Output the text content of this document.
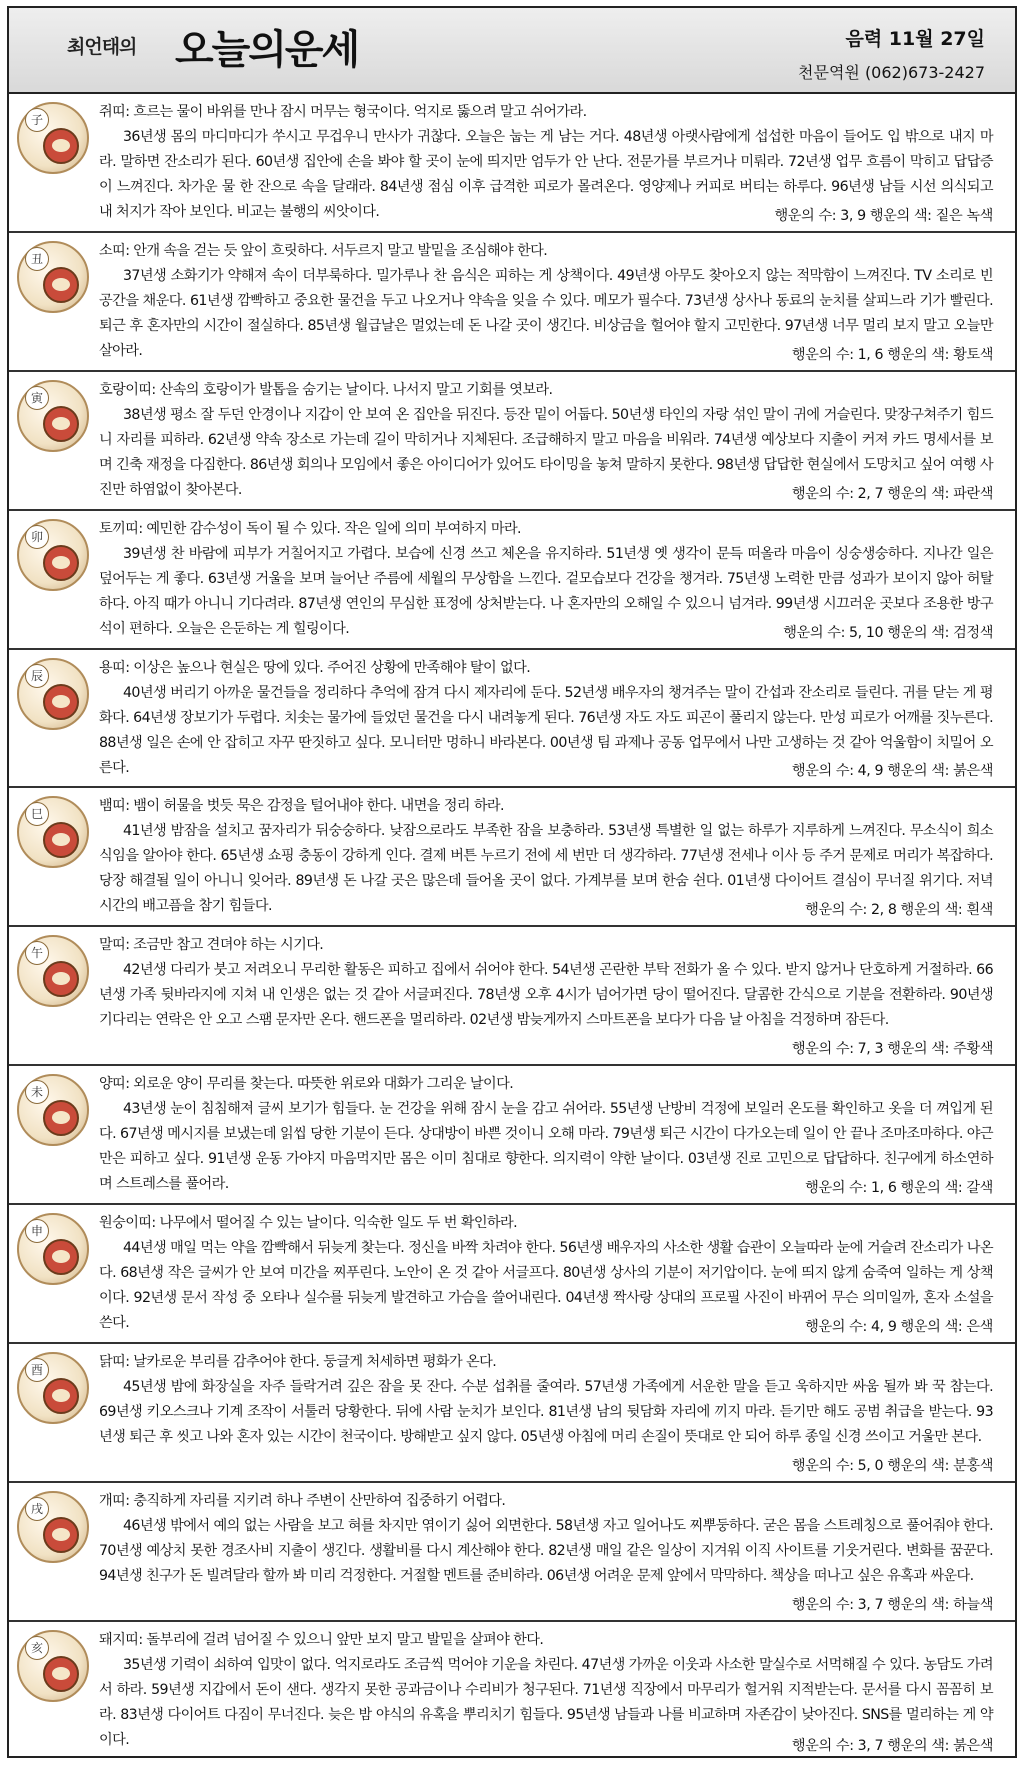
최언태의 오늘의운세	음력 11월 27일
천문역원 (062)673-2427
子	쥐띠: 흐르는 물이 바위를 만나 잠시 머무는 형국이다. 억지로 뚫으려 말고 쉬어가라.
36년생 몸의 마디마디가 쑤시고 무겁우니 만사가 귀찮다. 오늘은 눕는 게 남는 거다. 48년생 아랫사람에게 섭섭한 마음이 들어도 입 밖으로 내지 마라. 말하면 잔소리가 된다. 60년생 집안에 손을 봐야 할 곳이 눈에 띄지만 엄두가 안 난다. 전문가를 부르거나 미뤄라. 72년생 업무 흐름이 막히고 답답증이 느껴진다. 차가운 물 한 잔으로 속을 달래라. 84년생 점심 이후 급격한 피로가 몰려온다. 영양제나 커피로 버티는 하루다. 96년생 남들 시선 의식되고 내 처지가 작아 보인다. 비교는 불행의 씨앗이다.	행운의 수: 3, 9 행운의 색: 짙은 녹색
丑	소띠: 안개 속을 걷는 듯 앞이 흐릿하다. 서두르지 말고 발밑을 조심해야 한다.
37년생 소화기가 약해져 속이 더부룩하다. 밀가루나 찬 음식은 피하는 게 상책이다. 49년생 아무도 찾아오지 않는 적막함이 느껴진다. TV 소리로 빈 공간을 채운다. 61년생 깜빡하고 중요한 물건을 두고 나오거나 약속을 잊을 수 있다. 메모가 필수다. 73년생 상사나 동료의 눈치를 살피느라 기가 빨린다. 퇴근 후 혼자만의 시간이 절실하다. 85년생 월급날은 멀었는데 돈 나갈 곳이 생긴다. 비상금을 헐어야 할지 고민한다. 97년생 너무 멀리 보지 말고 오늘만 살아라.	행운의 수: 1, 6 행운의 색: 황토색
寅	호랑이띠: 산속의 호랑이가 발톱을 숨기는 날이다. 나서지 말고 기회를 엿보라.
38년생 평소 잘 두던 안경이나 지갑이 안 보여 온 집안을 뒤진다. 등잔 밑이 어둡다. 50년생 타인의 자랑 섞인 말이 귀에 거슬린다. 맞장구쳐주기 힘드니 자리를 피하라. 62년생 약속 장소로 가는데 길이 막히거나 지체된다. 조급해하지 말고 마음을 비워라. 74년생 예상보다 지출이 커져 카드 명세서를 보며 긴축 재정을 다짐한다. 86년생 회의나 모임에서 좋은 아이디어가 있어도 타이밍을 놓쳐 말하지 못한다. 98년생 답답한 현실에서 도망치고 싶어 여행 사진만 하염없이 찾아본다.	행운의 수: 2, 7 행운의 색: 파란색
卯	토끼띠: 예민한 감수성이 독이 될 수 있다. 작은 일에 의미 부여하지 마라.
39년생 찬 바람에 피부가 거칠어지고 가렵다. 보습에 신경 쓰고 체온을 유지하라. 51년생 옛 생각이 문득 떠올라 마음이 싱숭생숭하다. 지나간 일은 덮어두는 게 좋다. 63년생 거울을 보며 늘어난 주름에 세월의 무상함을 느낀다. 겉모습보다 건강을 챙겨라. 75년생 노력한 만큼 성과가 보이지 않아 허탈하다. 아직 때가 아니니 기다려라. 87년생 연인의 무심한 표정에 상처받는다. 나 혼자만의 오해일 수 있으니 넘겨라. 99년생 시끄러운 곳보다 조용한 방구석이 편하다. 오늘은 은둔하는 게 힐링이다.	행운의 수: 5, 10 행운의 색: 검정색
辰	용띠: 이상은 높으나 현실은 땅에 있다. 주어진 상황에 만족해야 탈이 없다.
40년생 버리기 아까운 물건들을 정리하다 추억에 잠겨 다시 제자리에 둔다. 52년생 배우자의 챙겨주는 말이 간섭과 잔소리로 들린다. 귀를 닫는 게 평화다. 64년생 장보기가 두렵다. 치솟는 물가에 들었던 물건을 다시 내려놓게 된다. 76년생 자도 자도 피곤이 풀리지 않는다. 만성 피로가 어깨를 짓누른다. 88년생 일은 손에 안 잡히고 자꾸 딴짓하고 싶다. 모니터만 멍하니 바라본다. 00년생 팀 과제나 공동 업무에서 나만 고생하는 것 같아 억울함이 치밀어 오른다.	행운의 수: 4, 9 행운의 색: 붉은색
巳	뱀띠: 뱀이 허물을 벗듯 묵은 감정을 털어내야 한다. 내면을 정리 하라.
41년생 밤잠을 설치고 꿈자리가 뒤숭숭하다. 낮잠으로라도 부족한 잠을 보충하라. 53년생 특별한 일 없는 하루가 지루하게 느껴진다. 무소식이 희소식임을 알아야 한다. 65년생 쇼핑 충동이 강하게 인다. 결제 버튼 누르기 전에 세 번만 더 생각하라. 77년생 전세나 이사 등 주거 문제로 머리가 복잡하다. 당장 해결될 일이 아니니 잊어라. 89년생 돈 나갈 곳은 많은데 들어올 곳이 없다. 가계부를 보며 한숨 쉰다. 01년생 다이어트 결심이 무너질 위기다. 저녁 시간의 배고픔을 참기 힘들다.	행운의 수: 2, 8 행운의 색: 흰색
午	말띠: 조금만 참고 견뎌야 하는 시기다.
42년생 다리가 붓고 저려오니 무리한 활동은 피하고 집에서 쉬어야 한다. 54년생 곤란한 부탁 전화가 올 수 있다. 받지 않거나 단호하게 거절하라. 66년생 가족 뒷바라지에 지쳐 내 인생은 없는 것 같아 서글퍼진다. 78년생 오후 4시가 넘어가면 당이 떨어진다. 달콤한 간식으로 기분을 전환하라. 90년생 기다리는 연락은 안 오고 스팸 문자만 온다. 핸드폰을 멀리하라. 02년생 밤늦게까지 스마트폰을 보다가 다음 날 아침을 걱정하며 잠든다.
행운의 수: 7, 3 행운의 색: 주황색
未	양띠: 외로운 양이 무리를 찾는다. 따뜻한 위로와 대화가 그리운 날이다.
43년생 눈이 침침해져 글씨 보기가 힘들다. 눈 건강을 위해 잠시 눈을 감고 쉬어라. 55년생 난방비 걱정에 보일러 온도를 확인하고 옷을 더 껴입게 된다. 67년생 메시지를 보냈는데 읽씹 당한 기분이 든다. 상대방이 바쁜 것이니 오해 마라. 79년생 퇴근 시간이 다가오는데 일이 안 끝나 조마조마하다. 야근만은 피하고 싶다. 91년생 운동 가야지 마음먹지만 몸은 이미 침대로 향한다. 의지력이 약한 날이다. 03년생 진로 고민으로 답답하다. 친구에게 하소연하며 스트레스를 풀어라.	행운의 수: 1, 6 행운의 색: 갈색
申	원숭이띠: 나무에서 떨어질 수 있는 날이다. 익숙한 일도 두 번 확인하라.
44년생 매일 먹는 약을 깜빡해서 뒤늦게 찾는다. 정신을 바짝 차려야 한다. 56년생 배우자의 사소한 생활 습관이 오늘따라 눈에 거슬려 잔소리가 나온다. 68년생 작은 글씨가 안 보여 미간을 찌푸린다. 노안이 온 것 같아 서글프다. 80년생 상사의 기분이 저기압이다. 눈에 띄지 않게 숨죽여 일하는 게 상책이다. 92년생 문서 작성 중 오타나 실수를 뒤늦게 발견하고 가슴을 쓸어내린다. 04년생 짝사랑 상대의 프로필 사진이 바뀌어 무슨 의미일까, 혼자 소설을 쓴다.	행운의 수: 4, 9 행운의 색: 은색
酉	닭띠: 날카로운 부리를 감추어야 한다. 둥글게 처세하면 평화가 온다.
45년생 밤에 화장실을 자주 들락거려 깊은 잠을 못 잔다. 수분 섭취를 줄여라. 57년생 가족에게 서운한 말을 듣고 욱하지만 싸움 될까 봐 꾹 참는다. 69년생 키오스크나 기계 조작이 서툴러 당황한다. 뒤에 사람 눈치가 보인다. 81년생 남의 뒷담화 자리에 끼지 마라. 듣기만 해도 공범 취급을 받는다. 93년생 퇴근 후 씻고 나와 혼자 있는 시간이 천국이다. 방해받고 싶지 않다. 05년생 아침에 머리 손질이 뜻대로 안 되어 하루 종일 신경 쓰이고 거울만 본다.
행운의 수: 5, 0 행운의 색: 분홍색
戌	개띠: 충직하게 자리를 지키려 하나 주변이 산만하여 집중하기 어렵다.
46년생 밖에서 예의 없는 사람을 보고 혀를 차지만 엮이기 싫어 외면한다. 58년생 자고 일어나도 찌뿌둥하다. 굳은 몸을 스트레칭으로 풀어줘야 한다. 70년생 예상치 못한 경조사비 지출이 생긴다. 생활비를 다시 계산해야 한다. 82년생 매일 같은 일상이 지겨워 이직 사이트를 기웃거린다. 변화를 꿈꾼다. 94년생 친구가 돈 빌려달라 할까 봐 미리 걱정한다. 거절할 멘트를 준비하라. 06년생 어려운 문제 앞에서 막막하다. 책상을 떠나고 싶은 유혹과 싸운다.
행운의 수: 3, 7 행운의 색: 하늘색
亥	돼지띠: 돌부리에 걸려 넘어질 수 있으니 앞만 보지 말고 발밑을 살펴야 한다.
35년생 기력이 쇠하여 입맛이 없다. 억지로라도 조금씩 먹어야 기운을 차린다. 47년생 가까운 이웃과 사소한 말실수로 서먹해질 수 있다. 농담도 가려서 하라. 59년생 지갑에서 돈이 샌다. 생각지 못한 공과금이나 수리비가 청구된다. 71년생 직장에서 마무리가 헐거워 지적받는다. 문서를 다시 꼼꼼히 보라. 83년생 다이어트 다짐이 무너진다. 늦은 밤 야식의 유혹을 뿌리치기 힘들다. 95년생 남들과 나를 비교하며 자존감이 낮아진다. SNS를 멀리하는 게 약이다.	행운의 수: 3, 7 행운의 색: 붉은색
